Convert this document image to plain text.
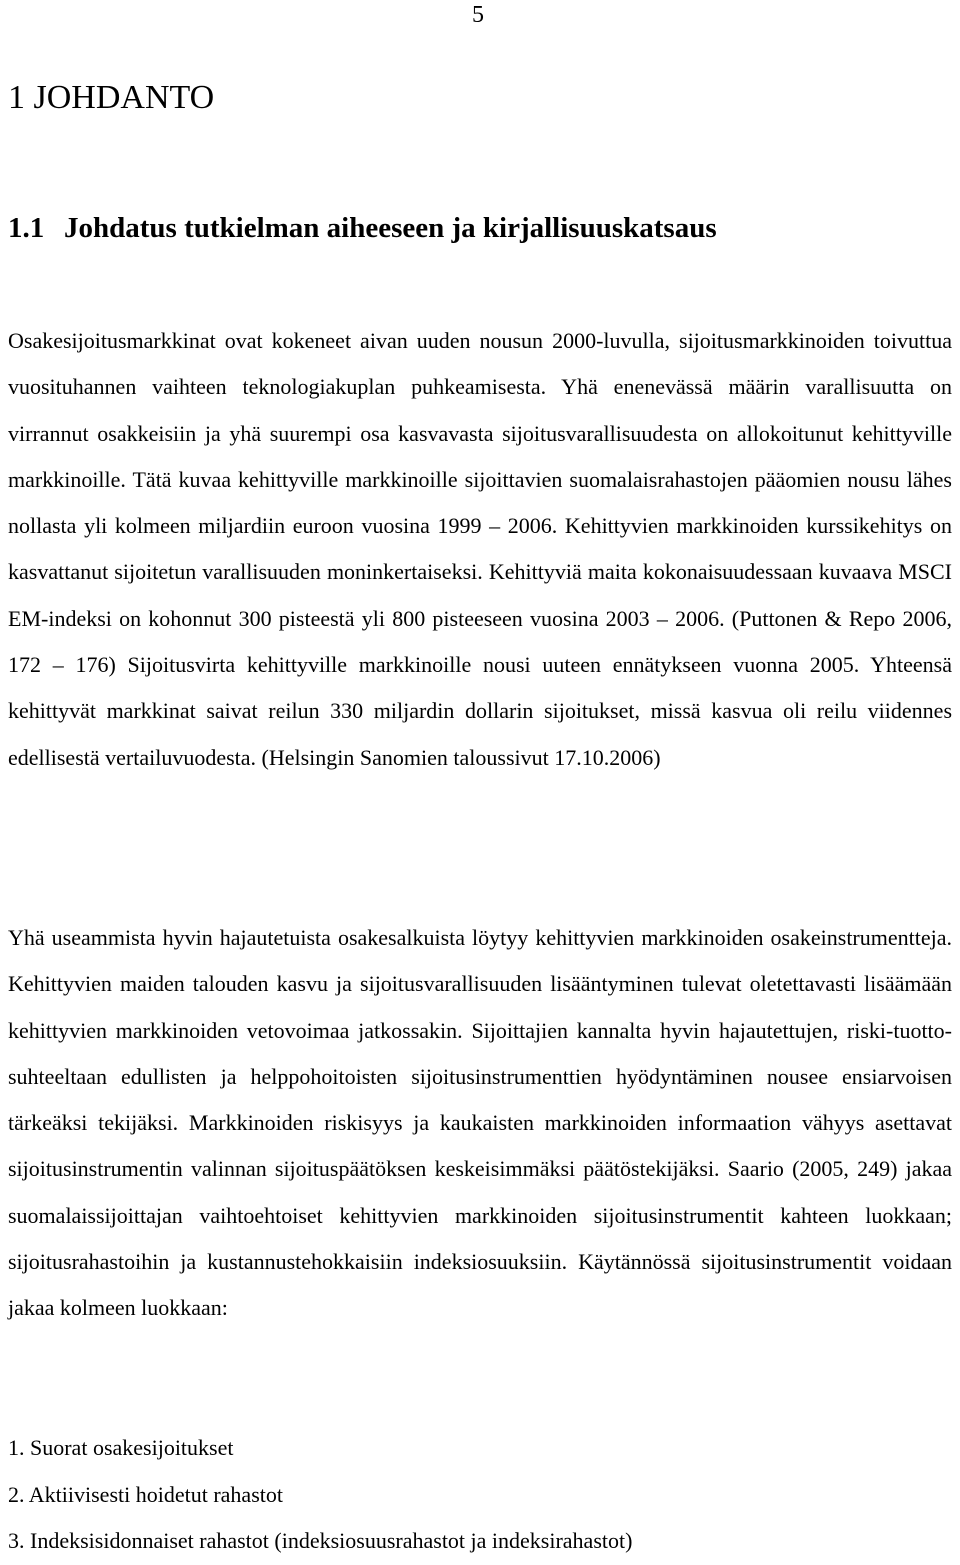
5
1 JOHDANTO
1.1 Johdatus tutkielman aiheeseen ja kirjallisuuskatsaus

Osakesijoitusmarkkinat ovat kokeneet aivan uuden nousun 2000-luvulla, sijoitusmarkkinoiden toivuttua vuosituhannen vaihteen teknologiakuplan puhkeamisesta. Yhä enenevässä määrin varallisuutta on virrannut osakkeisiin ja yhä suurempi osa kasvavasta sijoitusvarallisuudesta on allokoitunut kehittyville markkinoille. Tätä kuvaa kehittyville markkinoille sijoittavien suomalaisrahastojen pääomien nousu lähes nollasta yli kolmeen miljardiin euroon vuosina 1999 – 2006. Kehittyvien markkinoiden kurssikehitys on kasvattanut sijoitetun varallisuuden moninkertaiseksi. Kehittyviä maita kokonaisuudessaan kuvaava MSCI EM-indeksi on kohonnut 300 pisteestä yli 800 pisteeseen vuosina 2003 – 2006. (Puttonen & Repo 2006, 172 – 176) Sijoitusvirta kehittyville markkinoille nousi uuteen ennätykseen vuonna 2005. Yhteensä kehittyvät markkinat saivat reilun 330 miljardin dollarin sijoitukset, missä kasvua oli reilu viidennes edellisestä vertailuvuodesta. (Helsingin Sanomien taloussivut 17.10.2006)

Yhä useammista hyvin hajautetuista osakesalkuista löytyy kehittyvien markkinoiden osakeinstrumentteja. Kehittyvien maiden talouden kasvu ja sijoitusvarallisuuden lisääntyminen tulevat oletettavasti lisäämään kehittyvien markkinoiden vetovoimaa jatkossakin. Sijoittajien kannalta hyvin hajautettujen, riski-tuotto-suhteeltaan edullisten ja helppohoitoisten sijoitusinstrumenttien hyödyntäminen nousee ensiarvoisen tärkeäksi tekijäksi. Markkinoiden riskisyys ja kaukaisten markkinoiden informaation vähyys asettavat sijoitusinstrumentin valinnan sijoituspäätöksen keskeisimmäksi päätöstekijäksi. Saario (2005, 249) jakaa suomalaissijoittajan vaihtoehtoiset kehittyvien markkinoiden sijoitusinstrumentit kahteen luokkaan; sijoitusrahastoihin ja kustannustehokkaisiin indeksiosuuksiin. Käytännössä sijoitusinstrumentit voidaan jakaa kolmeen luokkaan:

1. Suorat osakesijoitukset
2. Aktiivisesti hoidetut rahastot
3. Indeksisidonnaiset rahastot (indeksiosuusrahastot ja indeksirahastot)
